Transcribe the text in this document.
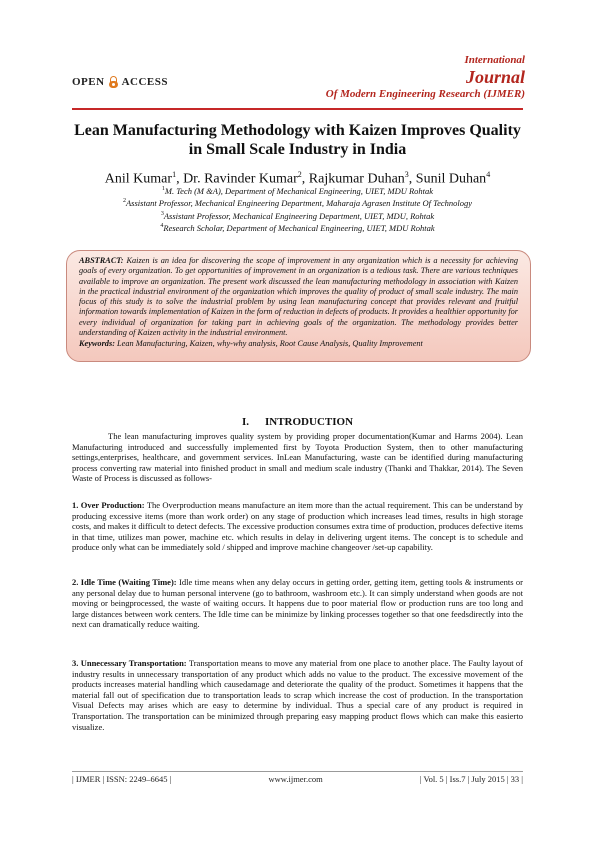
OPEN ACCESS
International
Journal
Of Modern Engineering Research (IJMER)
Lean Manufacturing Methodology with Kaizen Improves Quality
in Small Scale Industry in India
Anil Kumar$^1$, Dr. Ravinder Kumar$^2$, Rajkumar Duhan$^3$, Sunil Duhan$^4$
$^1$M. Tech (M &A), Department of Mechanical Engineering, UIET, MDU Rohtak
$^2$Assistant Professor, Mechanical Engineering Department, Maharaja Agrasen Institute Of Technology
$^3$Assistant Professor, Mechanical Engineering Department, UIET, MDU, Rohtak
$^4$Research Scholar, Department of Mechanical Engineering, UIET, MDU Rohtak
ABSTRACT: Kaizen is an idea for discovering the scope of improvement in any organization which is a necessity for achieving goals of every organization. To get opportunities of improvement in an organization is a tedious task. There are various techniques available to improve an organization. The present work discussed the lean manufacturing methodology in association with Kaizen in the practical industrial environment of the organization which improves the quality of product of small scale industry. The main focus of this study is to solve the industrial problem by using lean manufacturing concept that provides relevant and fruitful information towards implementation of Kaizen in the form of reduction in defects of products. It provides a healthier opportunity for every individual of organization for taking part in achieving goals of the organization. The methodology provides better understanding of Kaizen activity in the industrial environment.
Keywords: Lean Manufacturing, Kaizen, why-why analysis, Root Cause Analysis, Quality Improvement
I. INTRODUCTION
The lean manufacturing improves quality system by providing proper documentation(Kumar and Harms 2004). Lean Manufacturing introduced and successfully implemented first by Toyota Production System, then to other manufacturing settings,enterprises, healthcare, and government services. InLean Manufacturing, waste can be identified during manufacturing process converting raw material into finished product in small and medium scale industry (Thanki and Thakkar, 2014). The Seven Waste of Process is discussed as follows-
1. Over Production: The Overproduction means manufacture an item more than the actual requirement. This can be understand by producing excessive items (more than work order) on any stage of production which increases lead times, results in high storage costs, and makes it difficult to detect defects. The excessive production consumes extra time of production, produces defective items in that time, utilizes man power, machine etc. which results in delay in delivering urgent items. The concept is to schedule and produce only what can be immediately sold / shipped and improve machine changeover /set-up capability.
2. Idle Time (Waiting Time): Idle time means when any delay occurs in getting order, getting item, getting tools & instruments or any personal delay due to human personal intervene (go to bathroom, washroom etc.). It can simply understand when goods are not moving or beingprocessed, the waste of waiting occurs. It happens due to poor material flow or production runs are too long and large distances between work centers. The Idle time can be minimize by linking processes together so that one feedsdirectly into the next can dramatically reduce waiting.
3. Unnecessary Transportation: Transportation means to move any material from one place to another place. The Faulty layout of industry results in unnecessary transportation of any product which adds no value to the product. The excessive movement of the products increases material handling which causedamage and deteriorate the quality of the product. Sometimes it happens that the material fall out of specification due to transportation leads to scrap which increase the cost of production. In the transportation Visual Defects may arises which are easy to determine by individual. Thus a special care of any product is required in Transportation. The transportation can be minimized through preparing easy mapping product flows which can make this easierto visualize.
| IJMER | ISSN: 2249–6645 |	www.ijmer.com	| Vol. 5 | Iss.7 | July 2015 | 33 |
